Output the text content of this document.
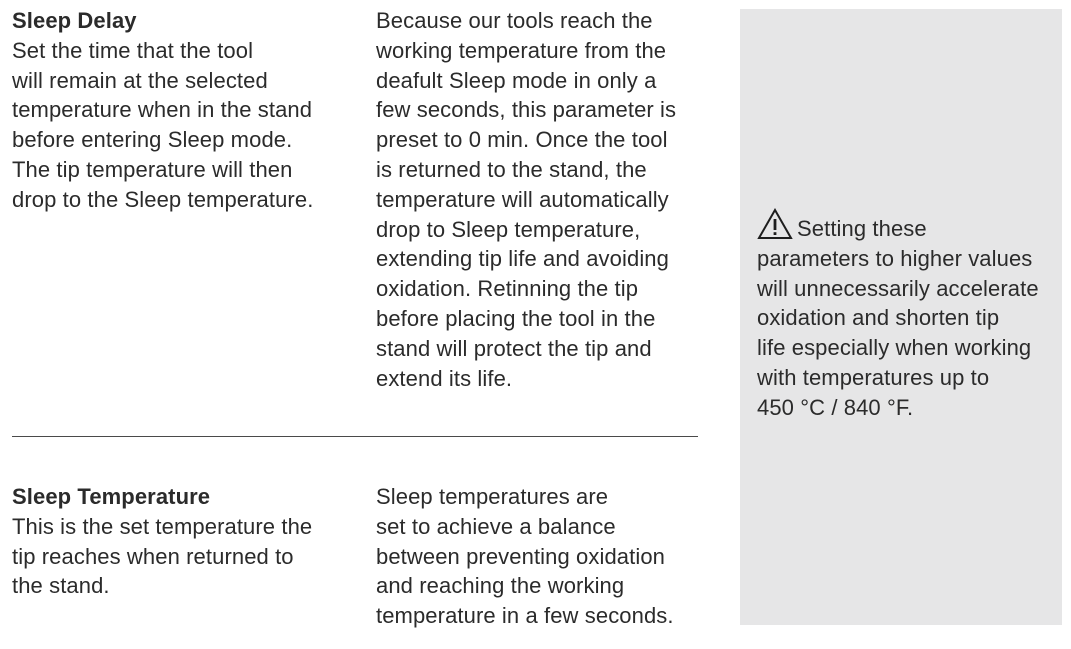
Sleep Delay

Set the time that the tool
will remain at the selected
temperature when in the stand
before entering Sleep mode.
The tip temperature will then
drop to the Sleep temperature.

Because our tools reach the
working temperature from the
deafult Sleep mode in only a
few seconds, this parameter is
preset to 0 min. Once the tool
is returned to the stand, the
temperature will automatically
drop to Sleep temperature,
extending tip life and avoiding
oxidation. Retinning the tip
before placing the tool in the
stand will protect the tip and
extend its life.

Sleep Temperature

This is the set temperature the
tip reaches when returned to
the stand.

Sleep temperatures are
set to achieve a balance
between preventing oxidation
and reaching the working
temperature in a few seconds.

Setting these
parameters to higher values
will unnecessarily accelerate
oxidation and shorten tip
life especially when working
with temperatures up to
450 °C / 840 °F.
